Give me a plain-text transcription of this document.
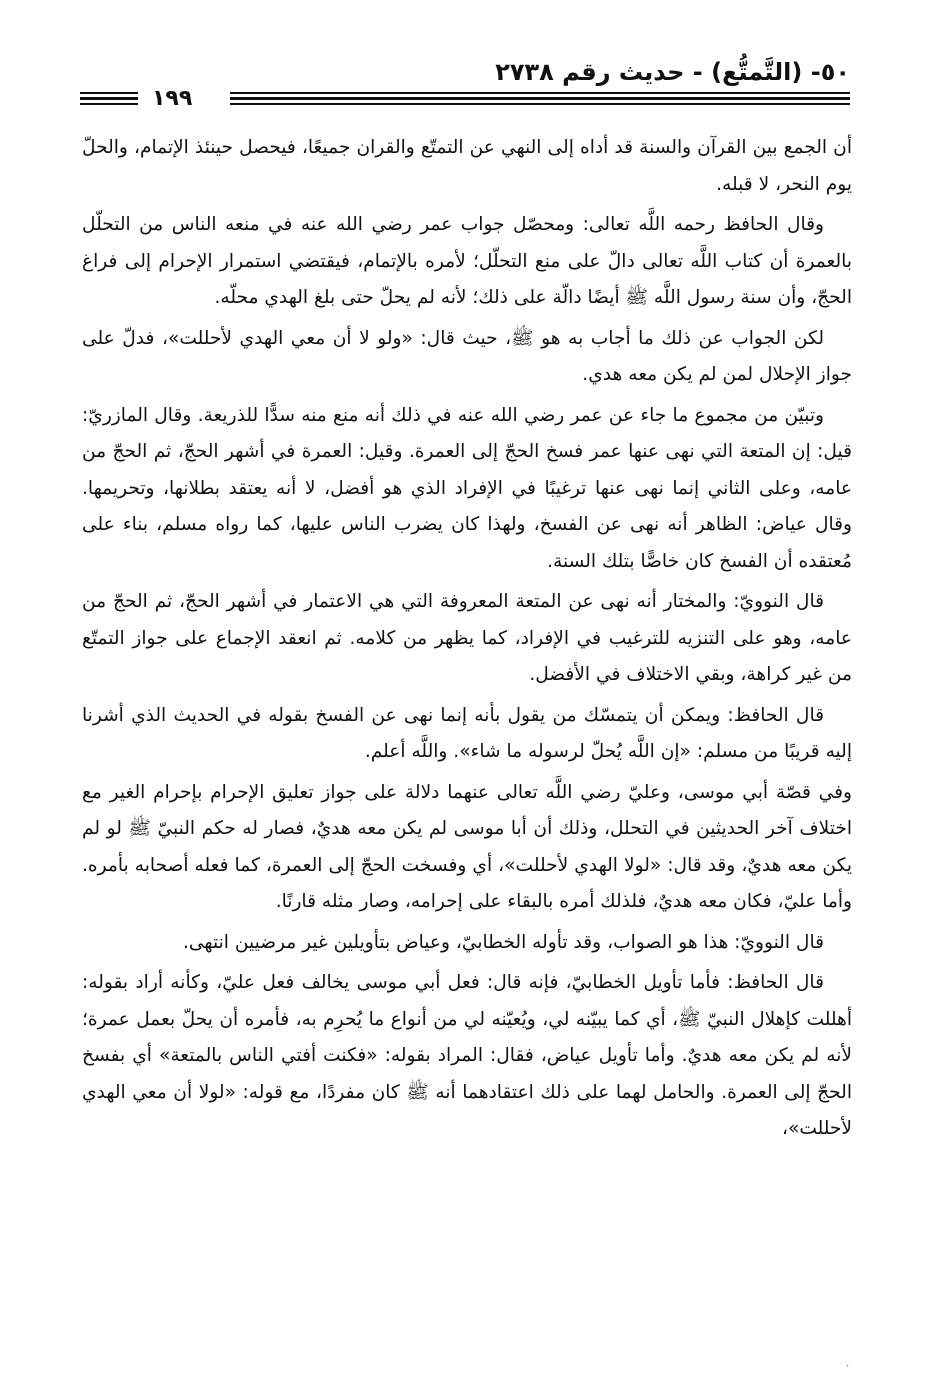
٥٠- (التَّمتُّع) - حديث رقم ٢٧٣٨
١٩٩

أن الجمع بين القرآن والسنة قد أداه إلى النهي عن التمتّع والقران جميعًا، فيحصل حينئذ الإتمام، والحلّ يوم النحر، لا قبله.

وقال الحافظ رحمه اللَّه تعالى: ومحصّل جواب عمر رضي الله عنه في منعه الناس من التحلّل بالعمرة أن كتاب اللَّه تعالى دالّ على منع التحلّل؛ لأمره بالإتمام، فيقتضي استمرار الإحرام إلى فراغ الحجّ، وأن سنة رسول اللَّه ﷺ أيضًا دالّة على ذلك؛ لأنه لم يحلّ حتى بلغ الهدي محلّه.

لكن الجواب عن ذلك ما أجاب به هو ﷺ، حيث قال: «ولو لا أن معي الهدي لأحللت»، فدلّ على جواز الإحلال لمن لم يكن معه هدي.

وتبيّن من مجموع ما جاء عن عمر رضي الله عنه في ذلك أنه منع منه سدًّا للذريعة. وقال المازريّ: قيل: إن المتعة التي نهى عنها عمر فسخ الحجّ إلى العمرة. وقيل: العمرة في أشهر الحجّ، ثم الحجّ من عامه، وعلى الثاني إنما نهى عنها ترغيبًا في الإفراد الذي هو أفضل، لا أنه يعتقد بطلانها، وتحريمها. وقال عياض: الظاهر أنه نهى عن الفسخ، ولهذا كان يضرب الناس عليها، كما رواه مسلم، بناء على مُعتقده أن الفسخ كان خاصًّا بتلك السنة.

قال النوويّ: والمختار أنه نهى عن المتعة المعروفة التي هي الاعتمار في أشهر الحجّ، ثم الحجّ من عامه، وهو على التنزيه للترغيب في الإفراد، كما يظهر من كلامه. ثم انعقد الإجماع على جواز التمتّع من غير كراهة، وبقي الاختلاف في الأفضل.

قال الحافظ: ويمكن أن يتمسّك من يقول بأنه إنما نهى عن الفسخ بقوله في الحديث الذي أشرنا إليه قريبًا من مسلم: «إن اللَّه يُحلّ لرسوله ما شاء». واللَّه أعلم.

وفي قصّة أبي موسى، وعليّ رضي اللَّه تعالى عنهما دلالة على جواز تعليق الإحرام بإحرام الغير مع اختلاف آخر الحديثين في التحلل، وذلك أن أبا موسى لم يكن معه هديٌ، فصار له حكم النبيّ ﷺ لو لم يكن معه هديٌ، وقد قال: «لولا الهدي لأحللت»، أي وفسخت الحجّ إلى العمرة، كما فعله أصحابه بأمره. وأما عليّ، فكان معه هديٌ، فلذلك أمره بالبقاء على إحرامه، وصار مثله قارنًا.

قال النوويّ: هذا هو الصواب، وقد تأوله الخطابيّ، وعياض بتأويلين غير مرضيين انتهى.

قال الحافظ: فأما تأويل الخطابيّ، فإنه قال: فعل أبي موسى يخالف فعل عليّ، وكأنه أراد بقوله: أهللت كإهلال النبيّ ﷺ، أي كما يبيّنه لي، ويُعيّنه لي من أنواع ما يُحرِم به، فأمره أن يحلّ بعمل عمرة؛ لأنه لم يكن معه هديٌ. وأما تأويل عياض، فقال: المراد بقوله: «فكنت أفتي الناس بالمتعة» أي بفسخ الحجّ إلى العمرة. والحامل لهما على ذلك اعتقادهما أنه ﷺ كان مفردًا، مع قوله: «لولا أن معي الهدي لأحللت»،

,
